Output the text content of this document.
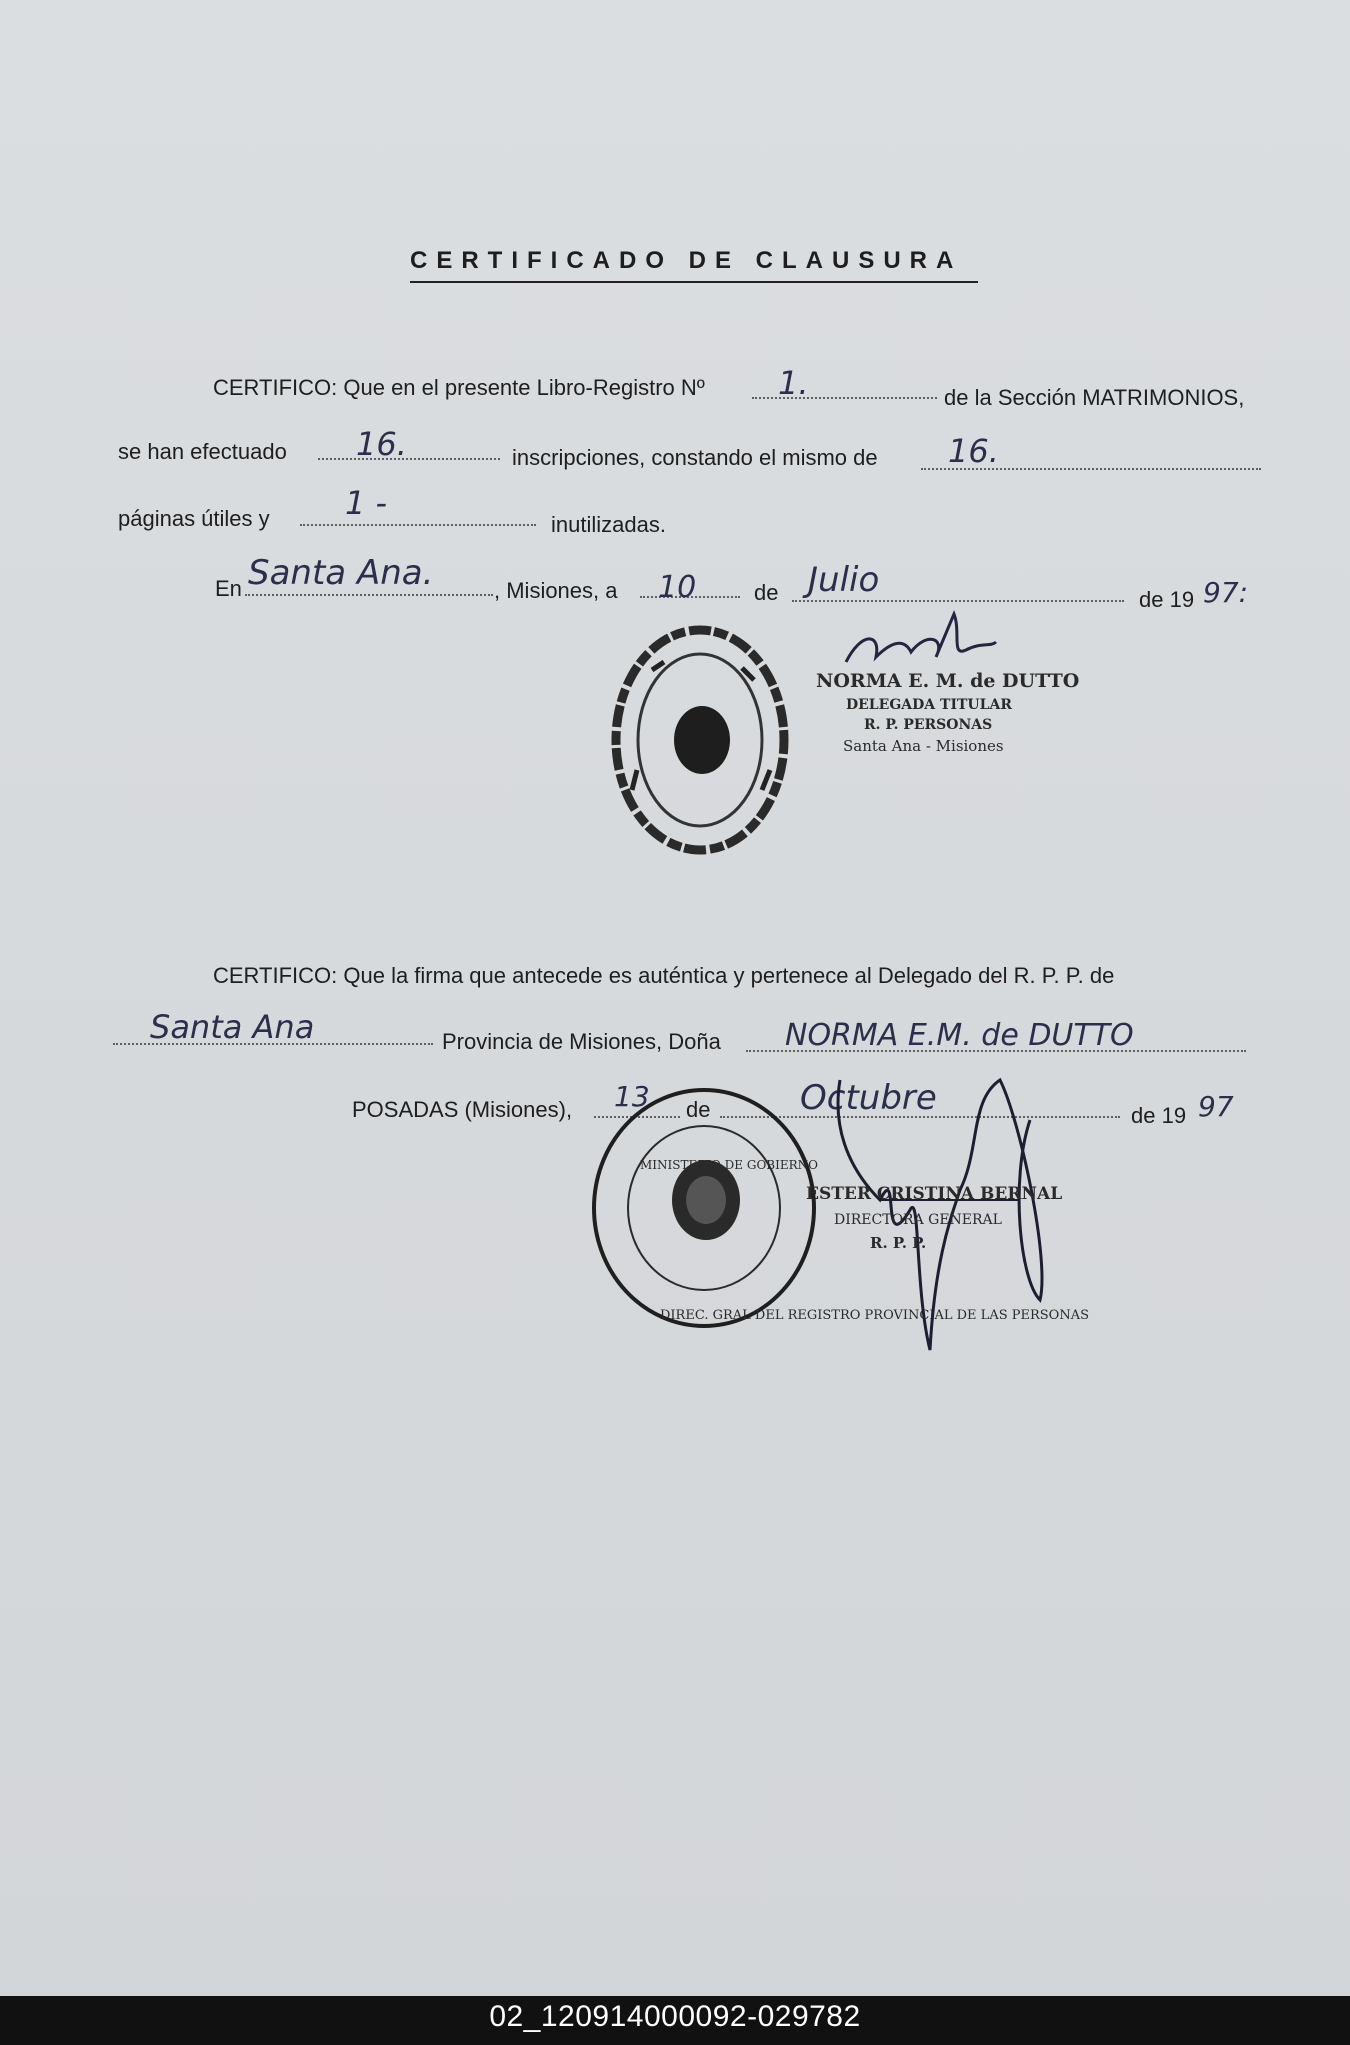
CERTIFICADO DE CLAUSURA
CERTIFICO: Que en el presente Libro-Registro Nº 1.	de la Sección MATRIMONIOS,
se han efectuado 16.	inscripciones, constando el mismo de 16.
páginas útiles y 1 -
inutilizadas.
En Santa Ana.	, Misiones, a 10	de Julio	de 19 97:
NORMA E. M. de DUTTO
DELEGADA TITULAR
R. P. PERSONAS
Santa Ana - Misiones
CERTIFICO: Que la firma que antecede es auténtica y pertenece al Delegado del R. P. P. de
Santa Ana	Provincia de Misiones, Doña NORMA E.M. de DUTTO
POSADAS (Misiones), 13 de	Octubre	de 19 97
DIREC. GRAL DEL REGISTRO PROVINCIAL DE LAS PERSONAS
MINISTERIO DE GOBIERNO
ESTER CRISTINA BERNAL
DIRECTORA GENERAL
R. P. P.
02_120914000092-029782
